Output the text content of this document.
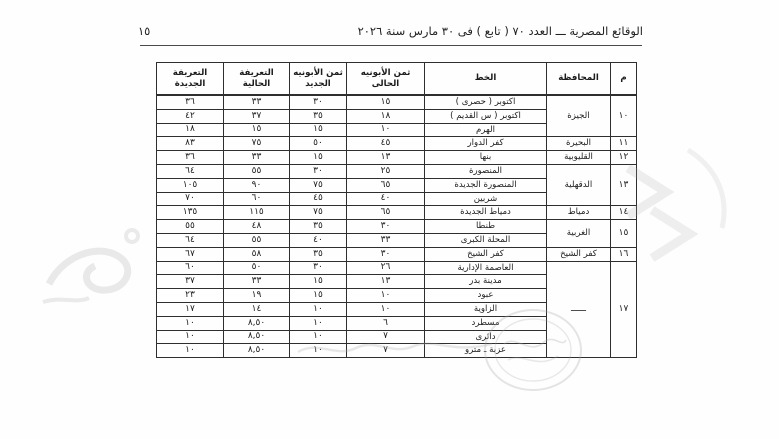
الوقائع المصرية ـــ العدد ٧٠ ( تابع ) فى ٣٠ مارس سنة ٢٠٢٦
١٥
م	المحافظة	الخط	ثمن الأبونيه الحالى	ثمن الأبونيه الجديد	التعريفة الحالية	التعريفة الجديدة
١٠	الجيزة	اكتوبر ( حصرى )	١٥	٣٠	٣٣	٣٦
		اكتوبر ( س القديم )	١٨	٣٥	٣٧	٤٢
		الهرم	١٠	١٥	١٥	١٨
١١	البحيرة	كفر الدوار	٤٥	٥٠	٧٥	٨٣
١٢	القليوبية	بنها	١٣	١٥	٣٣	٣٦
١٣	الدقهلية	المنصورة	٢٥	٣٠	٥٥	٦٤
		المنصورة الجديدة	٦٥	٧٥	٩٠	١٠٥
		شربين	٤٠	٤٥	٦٠	٧٠
١٤	دمياط	دمياط الجديدة	٦٥	٧٥	١١٥	١٣٥
١٥	الغربية	طنطا	٣٠	٣٥	٤٨	٥٥
		المحلة الكبرى	٣٣	٤٠	٥٥	٦٤
١٦	كفر الشيخ	كفر الشيخ	٣٠	٣٥	٥٨	٦٧
١٧	ــــــ	العاصمة الإدارية	٢٦	٣٠	٥٠	٦٠
		مدينة بدر	١٣	١٥	٣٣	٣٧
		عبود	١٠	١٥	١٩	٢٣
		الزاوية	١٠	١٠	١٤	١٧
		مسطرد	٦	١٠	٨,٥٠	١٠
		دائرى	٧	١٠	٨,٥٠	١٠
		عزبة ـ مترو	٧	١٠	٨,٥٠	١٠
